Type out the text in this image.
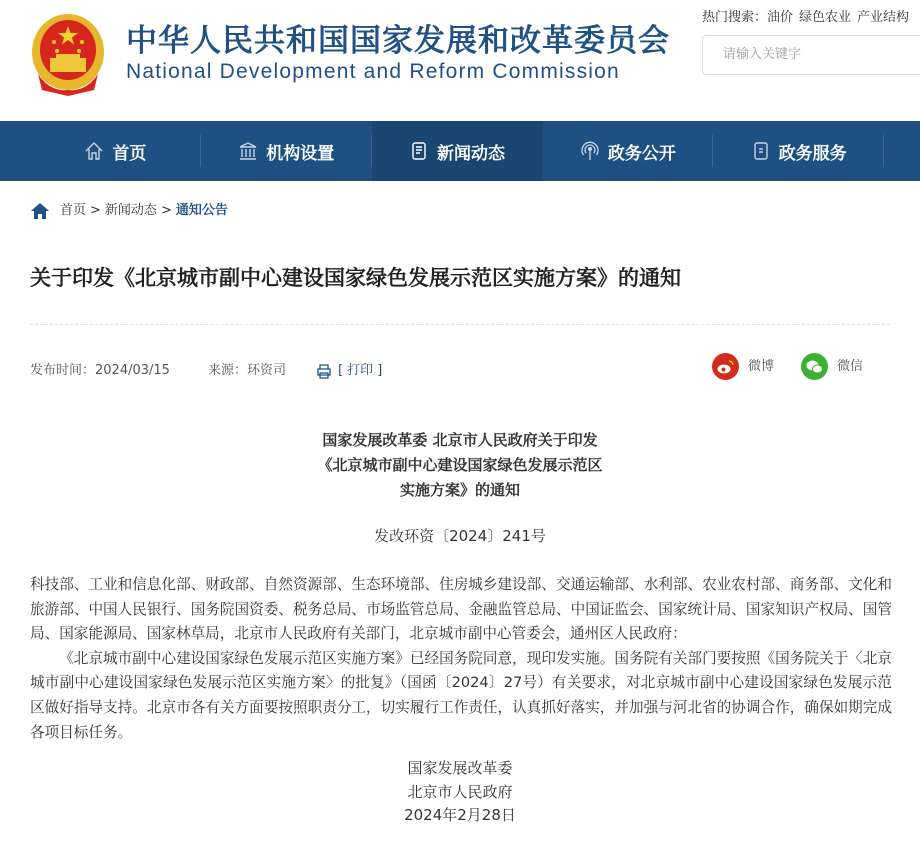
中华人民共和国国家发展和改革委员会
National Development and Reform Commission
热门搜索：油价 绿色农业 产业结构
请输入关键字
首页	机构设置	新闻动态	政务公开	政务服务
首页 > 新闻动态 > 通知公告
关于印发《北京城市副中心建设国家绿色发展示范区实施方案》的通知
发布时间：2024/03/15	来源：环资司	[ 打印 ]	微博	微信
国家发展改革委 北京市人民政府关于印发
《北京城市副中心建设国家绿色发展示范区
实施方案》的通知
发改环资〔2024〕241号

科技部、工业和信息化部、财政部、自然资源部、生态环境部、住房城乡建设部、交通运输部、水利部、农业农村部、商务部、文化和旅游部、中国人民银行、国务院国资委、税务总局、市场监管总局、金融监管总局、中国证监会、国家统计局、国家知识产权局、国管局、国家能源局、国家林草局，北京市人民政府有关部门，北京城市副中心管委会，通州区人民政府：

《北京城市副中心建设国家绿色发展示范区实施方案》已经国务院同意，现印发实施。国务院有关部门要按照《国务院关于〈北京城市副中心建设国家绿色发展示范区实施方案〉的批复》（国函〔2024〕27号）有关要求，对北京城市副中心建设国家绿色发展示范区做好指导支持。北京市各有关方面要按照职责分工，切实履行工作责任，认真抓好落实，并加强与河北省的协调合作，确保如期完成各项目标任务。

国家发展改革委
北京市人民政府
2024年2月28日
